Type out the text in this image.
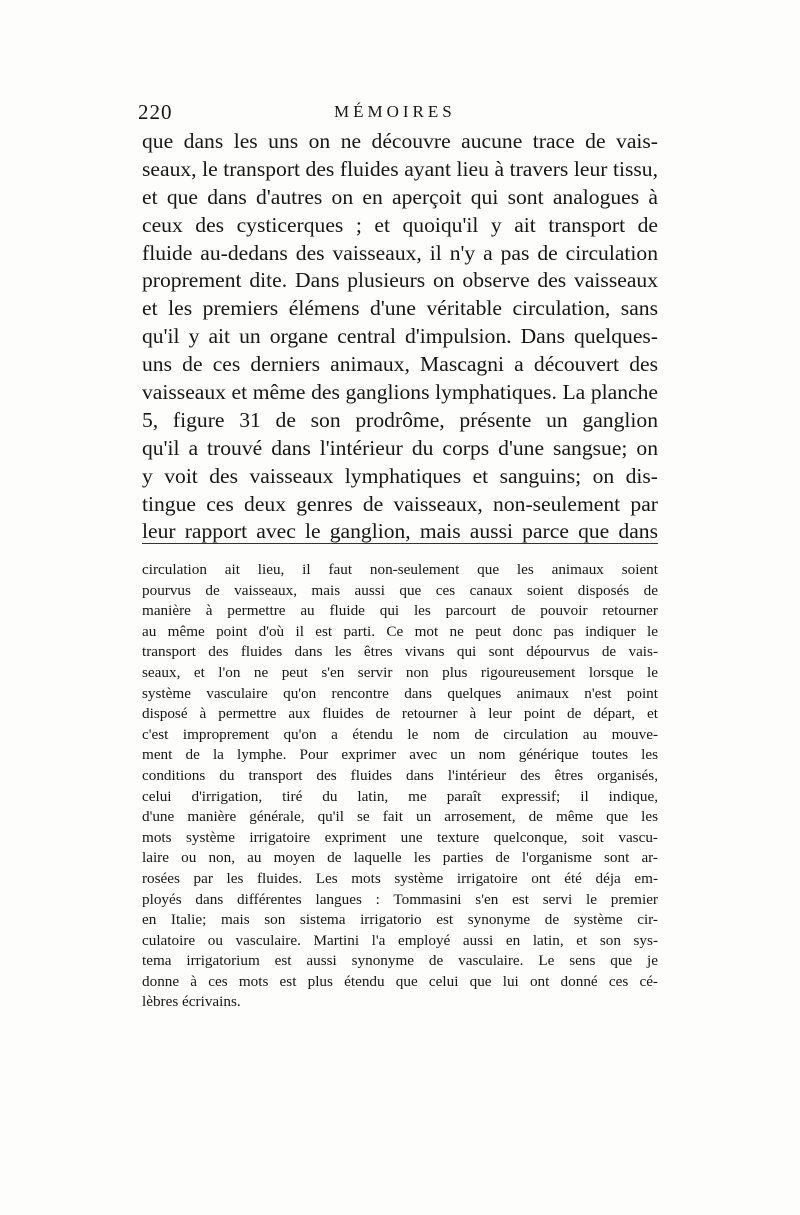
220	MÉMOIRES
que dans les uns on ne découvre aucune trace de vais-
seaux, le transport des fluides ayant lieu à travers leur tissu,
et que dans d'autres on en aperçoit qui sont analogues à
ceux des cysticerques ; et quoiqu'il y ait transport de
fluide au-dedans des vaisseaux, il n'y a pas de circulation
proprement dite. Dans plusieurs on observe des vaisseaux
et les premiers élémens d'une véritable circulation, sans
qu'il y ait un organe central d'impulsion. Dans quelques-
uns de ces derniers animaux, Mascagni a découvert des
vaisseaux et même des ganglions lymphatiques. La planche
5, figure 31 de son prodrôme, présente un ganglion
qu'il a trouvé dans l'intérieur du corps d'une sangsue; on
y voit des vaisseaux lymphatiques et sanguins; on dis-
tingue ces deux genres de vaisseaux, non-seulement par
leur rapport avec le ganglion, mais aussi parce que dans
circulation ait lieu, il faut non-seulement que les animaux soient
pourvus de vaisseaux, mais aussi que ces canaux soient disposés de
manière à permettre au fluide qui les parcourt de pouvoir retourner
au même point d'où il est parti. Ce mot ne peut donc pas indiquer le
transport des fluides dans les êtres vivans qui sont dépourvus de vais-
seaux, et l'on ne peut s'en servir non plus rigoureusement lorsque le
système vasculaire qu'on rencontre dans quelques animaux n'est point
disposé à permettre aux fluides de retourner à leur point de départ, et
c'est improprement qu'on a étendu le nom de circulation au mouve-
ment de la lymphe. Pour exprimer avec un nom générique toutes les
conditions du transport des fluides dans l'intérieur des êtres organisés,
celui d'irrigation, tiré du latin, me paraît expressif; il indique,
d'une manière générale, qu'il se fait un arrosement, de même que les
mots système irrigatoire expriment une texture quelconque, soit vascu-
laire ou non, au moyen de laquelle les parties de l'organisme sont ar-
rosées par les fluides. Les mots système irrigatoire ont été déja em-
ployés dans différentes langues : Tommasini s'en est servi le premier
en Italie; mais son sistema irrigatorio est synonyme de système cir-
culatoire ou vasculaire. Martini l'a employé aussi en latin, et son sys-
tema irrigatorium est aussi synonyme de vasculaire. Le sens que je
donne à ces mots est plus étendu que celui que lui ont donné ces cé-
lèbres écrivains.
